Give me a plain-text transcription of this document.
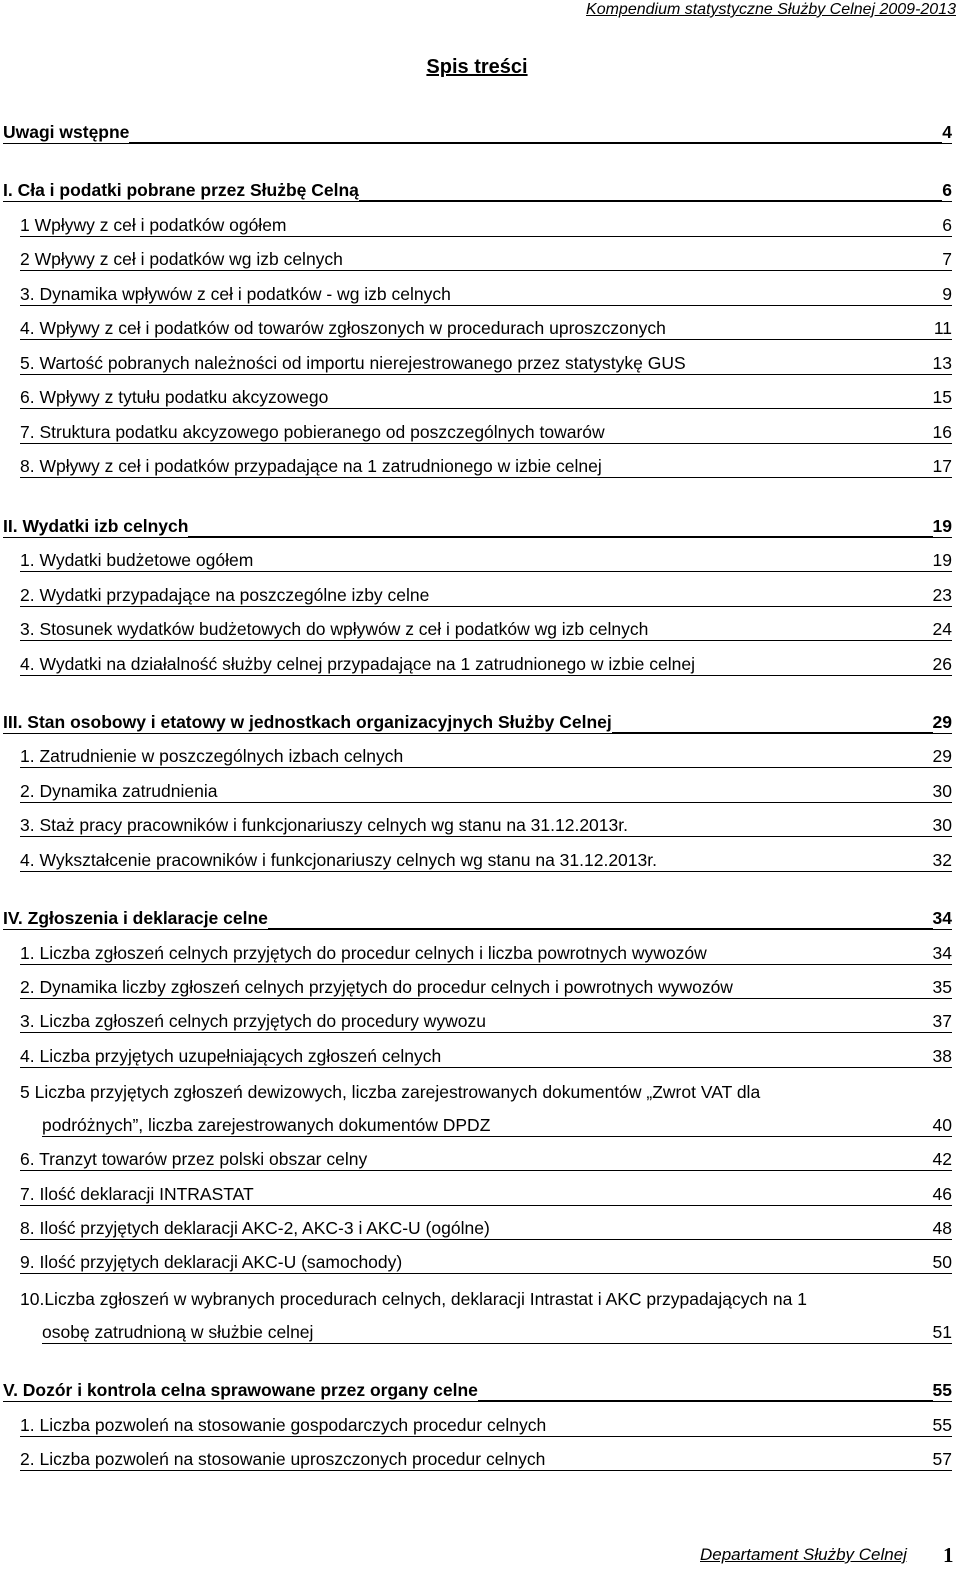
Kompendium statystyczne Służby Celnej 2009-2013
Spis treści
Uwagi wstępne	4
I. Cła i podatki pobrane przez Służbę Celną	6
1 Wpływy z ceł i podatków ogółem	6
2 Wpływy z ceł i podatków wg izb celnych	7
3. Dynamika wpływów z ceł i podatków - wg izb celnych	9
4. Wpływy z ceł i podatków od towarów zgłoszonych w procedurach uproszczonych	11
5. Wartość pobranych należności od importu nierejestrowanego przez statystykę GUS	13
6. Wpływy z tytułu podatku akcyzowego	15
7. Struktura podatku akcyzowego pobieranego od poszczególnych towarów	16
8. Wpływy z ceł i podatków przypadające na 1 zatrudnionego w izbie celnej	17
II. Wydatki izb celnych	19
1. Wydatki budżetowe ogółem	19
2. Wydatki przypadające na poszczególne izby celne	23
3. Stosunek wydatków budżetowych do wpływów z ceł i podatków wg izb celnych	24
4. Wydatki na działalność służby celnej przypadające na 1 zatrudnionego w izbie celnej	26
III. Stan osobowy i etatowy w jednostkach organizacyjnych Służby Celnej	29
1. Zatrudnienie w poszczególnych izbach celnych	29
2. Dynamika zatrudnienia	30
3. Staż pracy pracowników i funkcjonariuszy celnych wg stanu na 31.12.2013r.	30
4. Wykształcenie pracowników i funkcjonariuszy celnych wg stanu na 31.12.2013r.	32
IV. Zgłoszenia i deklaracje celne	34
1. Liczba zgłoszeń celnych przyjętych do procedur celnych i liczba powrotnych wywozów	34
2. Dynamika liczby zgłoszeń celnych przyjętych do procedur celnych i powrotnych wywozów	35
3. Liczba zgłoszeń celnych przyjętych do procedury wywozu	37
4. Liczba przyjętych uzupełniających zgłoszeń celnych	38
5 Liczba przyjętych zgłoszeń dewizowych, liczba zarejestrowanych dokumentów „Zwrot VAT dla
podróżnych”, liczba zarejestrowanych dokumentów DPDZ	40
6. Tranzyt towarów przez polski obszar celny	42
7. Ilość deklaracji INTRASTAT	46
8. Ilość przyjętych deklaracji AKC-2, AKC-3 i AKC-U (ogólne)	48
9. Ilość przyjętych deklaracji AKC-U (samochody)	50
10.Liczba zgłoszeń w wybranych procedurach celnych, deklaracji Intrastat i AKC przypadających na 1
osobę zatrudnioną w służbie celnej	51
V. Dozór i kontrola celna sprawowane przez organy celne	55
1. Liczba pozwoleń na stosowanie gospodarczych procedur celnych	55
2. Liczba pozwoleń na stosowanie uproszczonych procedur celnych	57
Departament Służby Celnej 1
